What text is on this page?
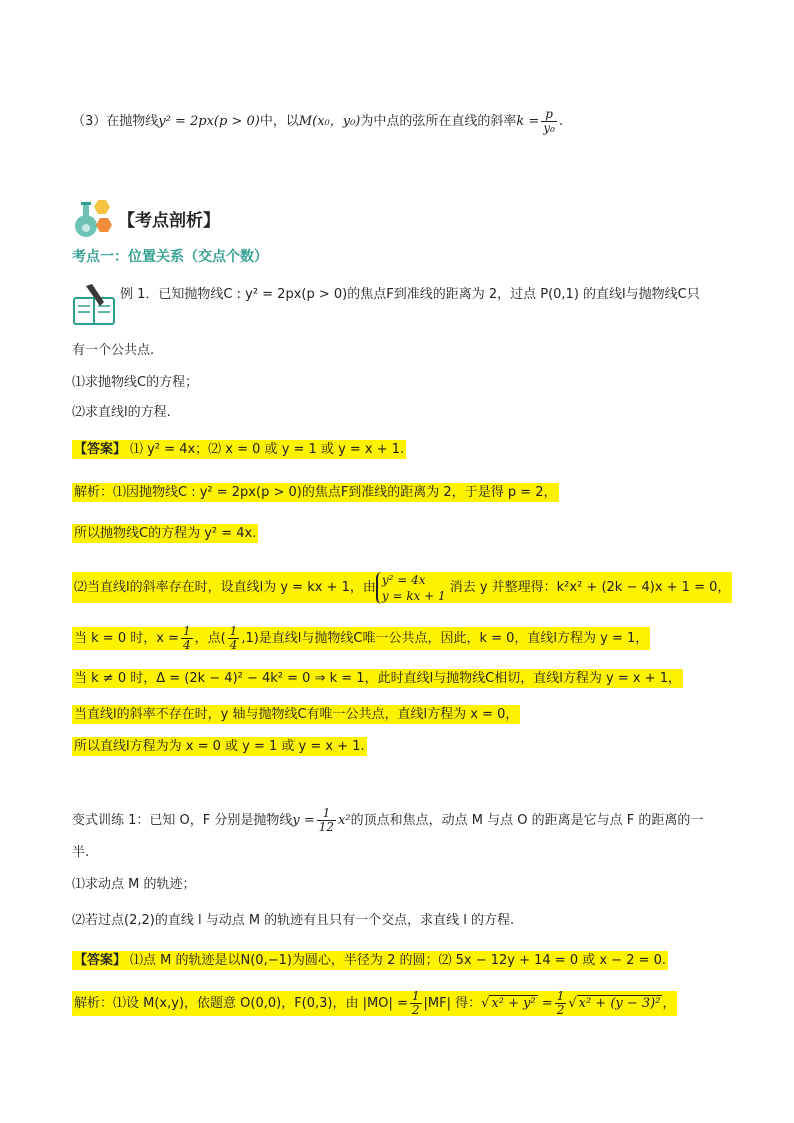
（3）在抛物线y² = 2px(p > 0)中，以M(x₀，y₀)为中点的弦所在直线的斜率$k = \frac{p}{\text{y₀}}$ .
【考点剖析】
考点一：位置关系（交点个数）
例 1．已知抛物线C : y² = 2px(p > 0)的焦点F到准线的距离为 2，过点 P(0,1) 的直线l与抛物线C只
有一个公共点.
⑴求抛物线C的方程；
⑵求直线l的方程.
【答案】 ⑴ y² = 4x；⑵ x = 0 或 y = 1 或 y = x + 1.
解析：⑴因抛物线C : y² = 2px(p > 0)的焦点F到准线的距离为 2，于是得 p = 2，
所以抛物线C的方程为 y² = 4x.
⑵当直线l的斜率存在时，设直线l为 y = kx + 1，由
y² = 4x
y = kx + 1
消去 y 并整理得：k²x² + (2k − 4)x + 1 = 0，
当 k = 0 时，$x = \frac{1}{4}$ ，点( $\frac{1}{4} ,1$)是直线l与抛物线C唯一公共点，因此，k = 0，直线l方程为 y = 1，
当 k ≠ 0 时，Δ = (2k − 4)² − 4k² = 0 ⇒ k = 1，此时直线l与抛物线C相切，直线l方程为 y = x + 1，
当直线l的斜率不存在时，y 轴与抛物线C有唯一公共点，直线l方程为 x = 0，
所以直线l方程为为 x = 0 或 y = 1 或 y = x + 1.
变式训练 1：已知 O，F 分别是抛物线$y = \frac{1}{12} x^2$的顶点和焦点，动点 M 与点 O 的距离是它与点 F 的距离的一
半.
⑴求动点 M 的轨迹；
⑵若过点(2,2)的直线 l 与动点 M 的轨迹有且只有一个交点，求直线 l 的方程.
【答案】 ⑴点 M 的轨迹是以N(0,−1)为圆心，半径为 2 的圆；⑵ 5x − 12y + 14 = 0 或 x − 2 = 0.
解析：⑴设 M(x,y)，依题意 O(0,0)，F(0,3)，由 $|MO| = \frac{1}{2} |MF|$ 得：√ $x^2 + y^2 = \frac{1}{2}$ √ x² + (y − 3)² ，
